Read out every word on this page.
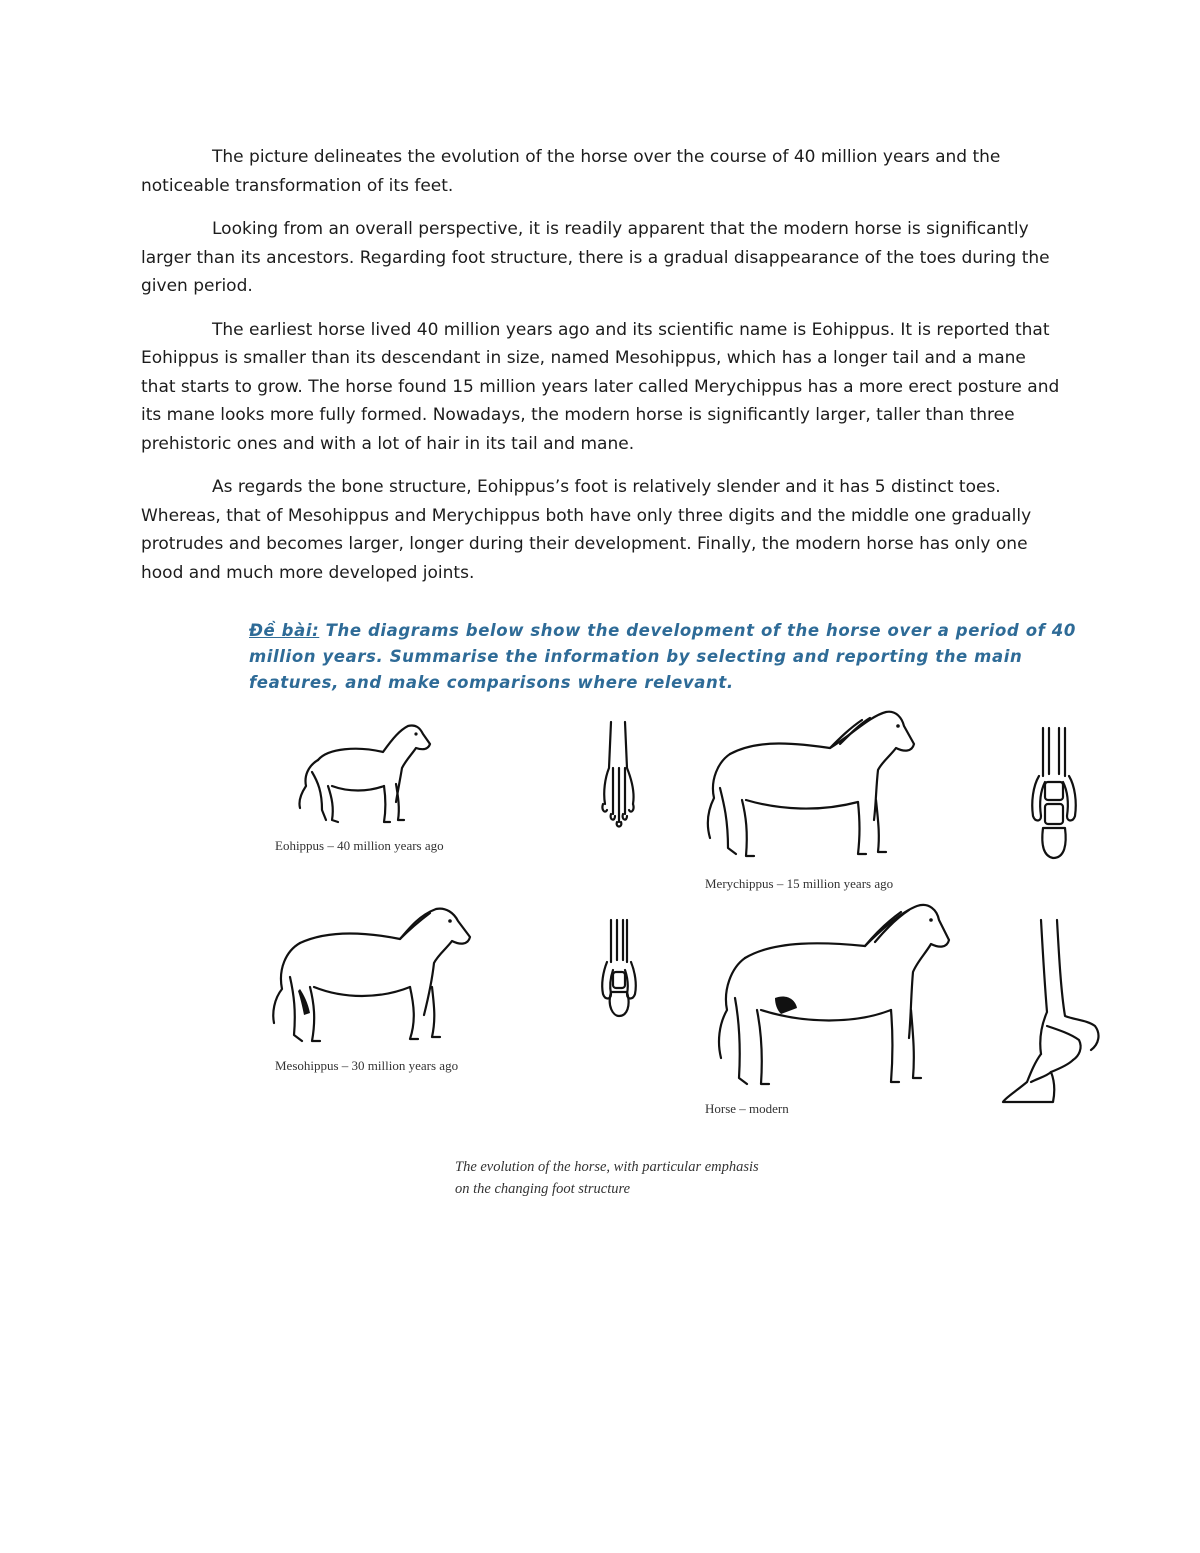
The picture delineates the evolution of the horse over the course of 40 million years and the noticeable transformation of its feet.

Looking from an overall perspective, it is readily apparent that the modern horse is significantly larger than its ancestors. Regarding foot structure, there is a gradual disappearance of the toes during the given period.

The earliest horse lived 40 million years ago and its scientific name is Eohippus. It is reported that Eohippus is smaller than its descendant in size, named Mesohippus, which has a longer tail and a mane that starts to grow. The horse found 15 million years later called Merychippus has a more erect posture and its mane looks more fully formed. Nowadays, the modern horse is significantly larger, taller than three prehistoric ones and with a lot of hair in its tail and mane.

As regards the bone structure, Eohippus’s foot is relatively slender and it has 5 distinct toes. Whereas, that of Mesohippus and Merychippus both have only three digits and the middle one gradually protrudes and becomes larger, longer during their development. Finally, the modern horse has only one hood and much more developed joints.

Đề bài: The diagrams below show the development of the horse over a period of 40 million years. Summarise the information by selecting and reporting the main features, and make comparisons where relevant.
Eohippus – 40 million years ago
Merychippus – 15 million years ago
Mesohippus – 30 million years ago
Horse – modern
The evolution of the horse, with particular emphasis
on the changing foot structure
